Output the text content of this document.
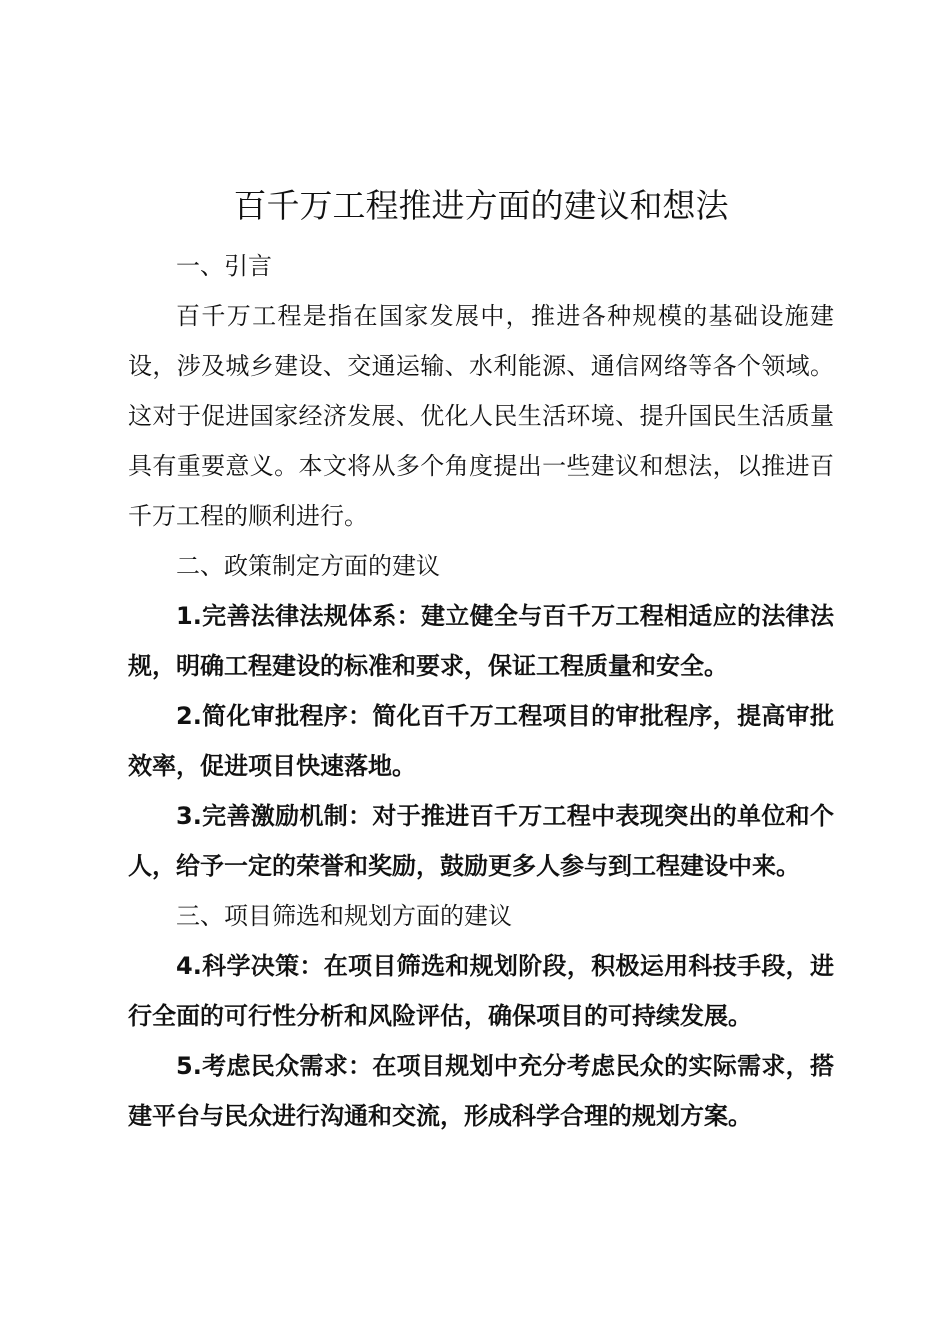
百千万工程推进方面的建议和想法

一、引言

百千万工程是指在国家发展中，推进各种规模的基础设施建设，涉及城乡建设、交通运输、水利能源、通信网络等各个领域。这对于促进国家经济发展、优化人民生活环境、提升国民生活质量具有重要意义。本文将从多个角度提出一些建议和想法，以推进百千万工程的顺利进行。

二、政策制定方面的建议

1.完善法律法规体系：建立健全与百千万工程相适应的法律法规，明确工程建设的标准和要求，保证工程质量和安全。

2.简化审批程序：简化百千万工程项目的审批程序，提高审批效率，促进项目快速落地。

3.完善激励机制：对于推进百千万工程中表现突出的单位和个人，给予一定的荣誉和奖励，鼓励更多人参与到工程建设中来。

三、项目筛选和规划方面的建议

4.科学决策：在项目筛选和规划阶段，积极运用科技手段，进行全面的可行性分析和风险评估，确保项目的可持续发展。

5.考虑民众需求：在项目规划中充分考虑民众的实际需求，搭建平台与民众进行沟通和交流，形成科学合理的规划方案。
